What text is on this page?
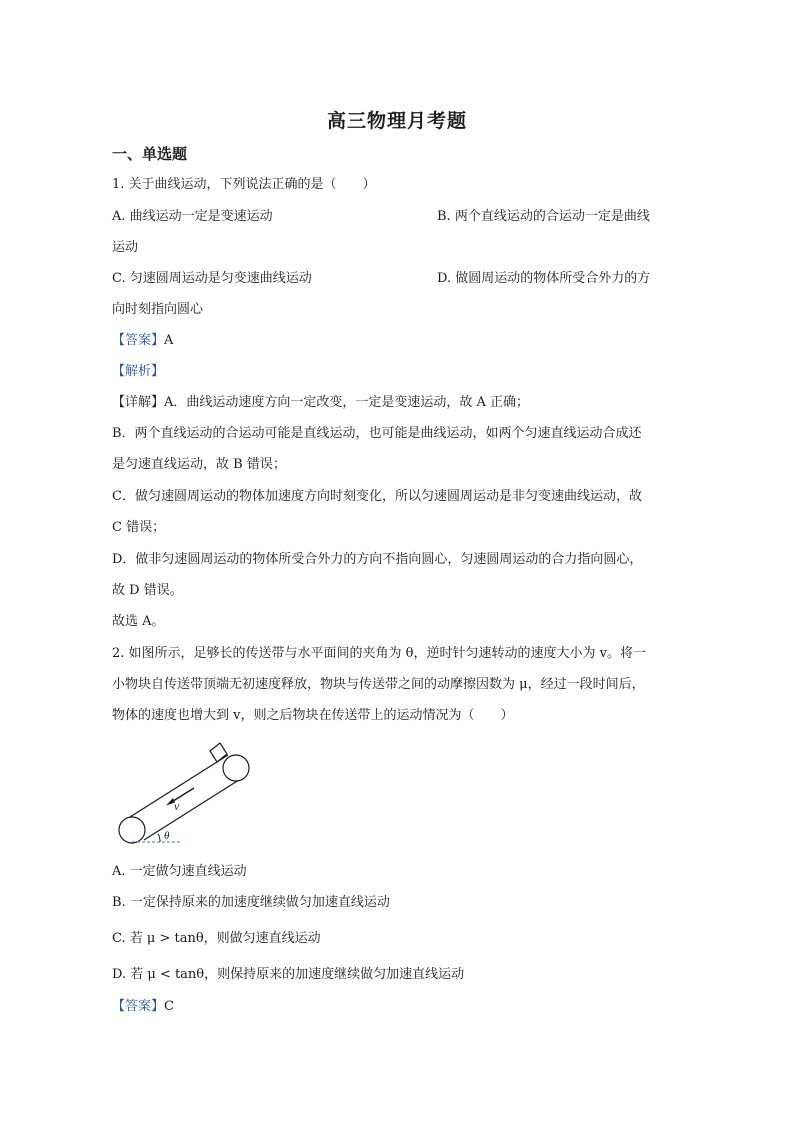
高三物理月考题
一、单选题
1. 关于曲线运动，下列说法正确的是（　　）
A. 曲线运动一定是变速运动	B. 两个直线运动的合运动一定是曲线
运动
C. 匀速圆周运动是匀变速曲线运动	D. 做圆周运动的物体所受合外力的方
向时刻指向圆心
【答案】A
【解析】
【详解】A．曲线运动速度方向一定改变，一定是变速运动，故 A 正确；
B．两个直线运动的合运动可能是直线运动，也可能是曲线运动，如两个匀速直线运动合成还
是匀速直线运动，故 B 错误；
C．做匀速圆周运动的物体加速度方向时刻变化，所以匀速圆周运动是非匀变速曲线运动，故
C 错误；
D．做非匀速圆周运动的物体所受合外力的方向不指向圆心，匀速圆周运动的合力指向圆心，
故 D 错误。
故选 A。
2. 如图所示，足够长的传送带与水平面间的夹角为 θ，逆时针匀速转动的速度大小为 v。将一
小物块自传送带顶端无初速度释放，物块与传送带之间的动摩擦因数为 μ，经过一段时间后，
物体的速度也增大到 v，则之后物块在传送带上的运动情况为（　　）
v
θ
A. 一定做匀速直线运动
B. 一定保持原来的加速度继续做匀加速直线运动
C. 若 μ > tanθ，则做匀速直线运动
D. 若 μ < tanθ，则保持原来的加速度继续做匀加速直线运动
【答案】C
